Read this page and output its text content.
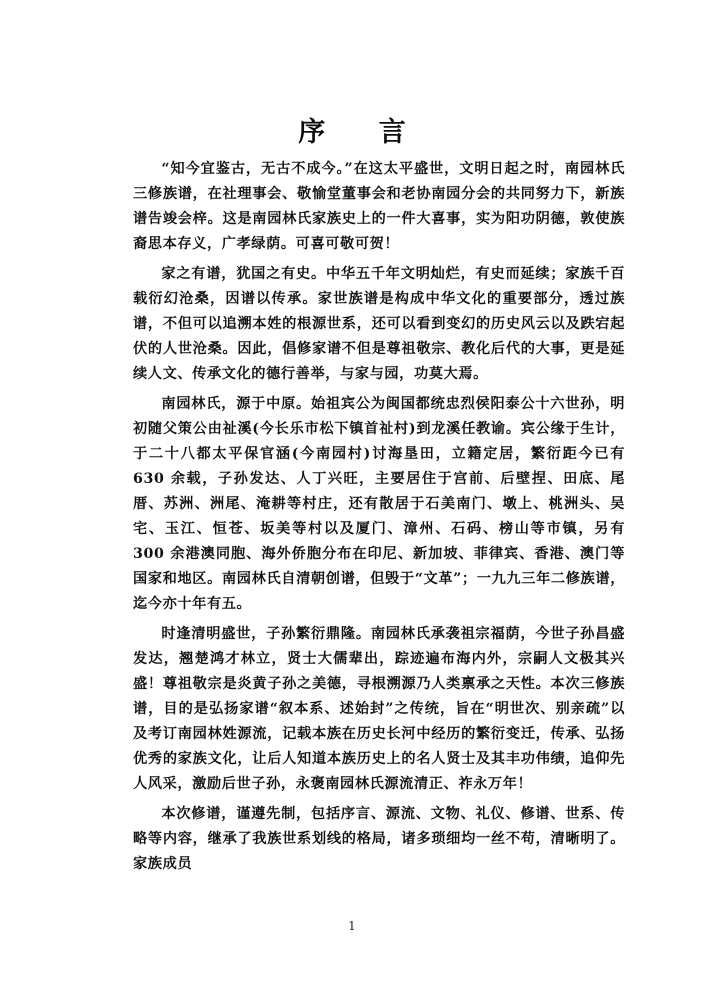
序 言

“知今宜鉴古，无古不成今。”在这太平盛世，文明日起之时，南园林氏三修族谱，在社理事会、敬愉堂董事会和老协南园分会的共同努力下，新族谱告竣会梓。这是南园林氏家族史上的一件大喜事，实为阳功阴德，敦使族裔思本存义，广孝绿荫。可喜可敬可贺！

家之有谱，犹国之有史。中华五千年文明灿烂，有史而延续；家族千百载衍幻沧桑，因谱以传承。家世族谱是构成中华文化的重要部分，透过族谱，不但可以追溯本姓的根源世系，还可以看到变幻的历史风云以及跌宕起伏的人世沧桑。因此，倡修家谱不但是尊祖敬宗、教化后代的大事，更是延续人文、传承文化的德行善举，与家与园，功莫大焉。

南园林氏，源于中原。始祖宾公为闽国都统忠烈侯阳泰公十六世孙，明初随父策公由祉溪(今长乐市松下镇首祉村)到龙溪任教谕。宾公缘于生计，于二十八都太平保官涵(今南园村)讨海垦田，立籍定居，繁衍距今已有 630 余载，子孙发达、人丁兴旺，主要居住于宫前、后壁捏、田底、尾厝、苏洲、洲尾、淹耕等村庄，还有散居于石美南门、墩上、桃洲头、吴宅、玉江、恒苍、坂美等村以及厦门、漳州、石码、榜山等市镇，另有 300 余港澳同胞、海外侨胞分布在印尼、新加坡、菲律宾、香港、澳门等国家和地区。南园林氏自清朝创谱，但毁于“文革”；一九九三年二修族谱，迄今亦十年有五。

时逢清明盛世，子孙繁衍鼎隆。南园林氏承袭祖宗福荫，今世子孙昌盛发达，翘楚鸿才林立，贤士大儒辈出，踪迹遍布海内外，宗嗣人文极其兴盛！尊祖敬宗是炎黄子孙之美德，寻根溯源乃人类禀承之天性。本次三修族谱，目的是弘扬家谱“叙本系、述始封”之传统，旨在“明世次、别亲疏”以及考订南园林姓源流，记载本族在历史长河中经历的繁衍变迁，传承、弘扬优秀的家族文化，让后人知道本族历史上的名人贤士及其丰功伟绩，追仰先人风采，激励后世子孙，永褒南园林氏源流清正、祚永万年！

本次修谱，谨遵先制，包括序言、源流、文物、礼仪、修谱、世系、传略等内容，继承了我族世系划线的格局，诸多琐细均一丝不苟，清晰明了。家族成员

1
